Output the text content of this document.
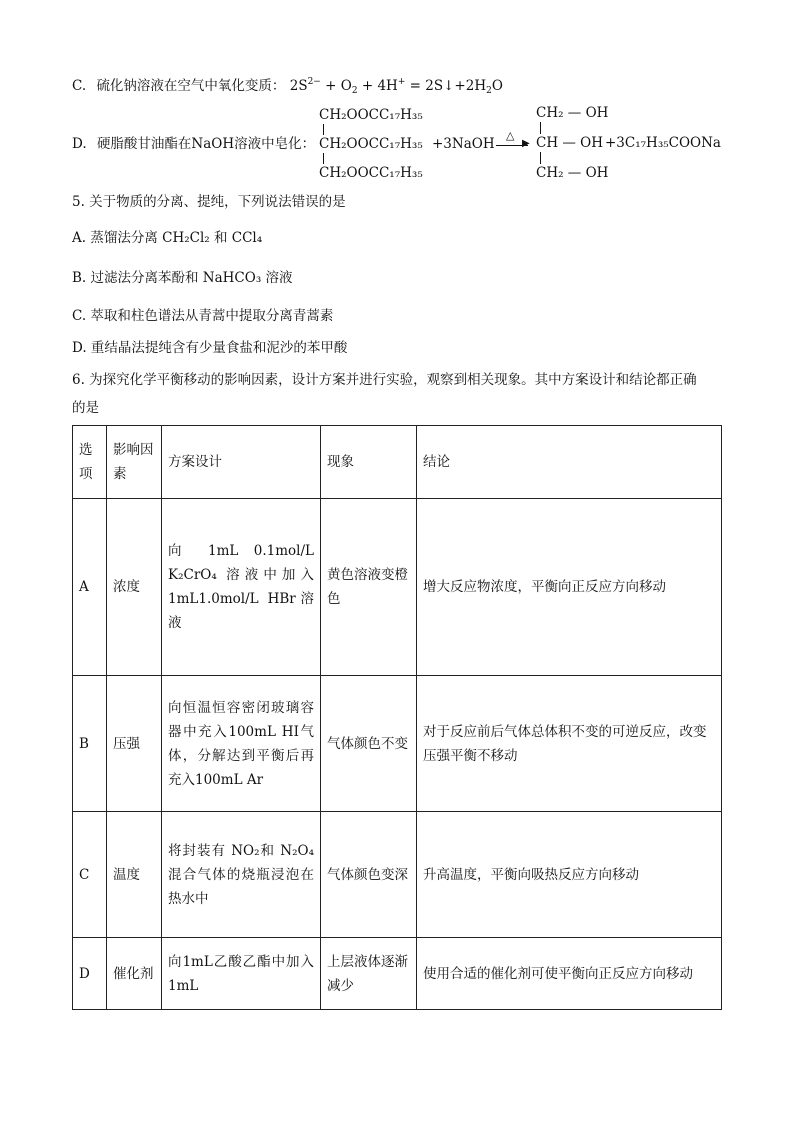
C. 硫化钠溶液在空气中氧化变质： $2S^{2-} + O_2 + 4H^+$ = $2S↓+2H_2O$
D. 硬脂酸甘油酯在NaOH溶液中皂化：
CH₂OOCC₁₇H₃₅
CH₂OOCC₁₇H₃₅
CH₂OOCC₁₇H₃₅
+3NaOH
△
▶
CH₂ — OH
CH — OH
CH₂ — OH
+3C₁₇H₃₅COONa
5. 关于物质的分离、提纯，下列说法错误的是
A. 蒸馏法分离 CH₂Cl₂ 和 CCl₄
B. 过滤法分离苯酚和 NaHCO₃ 溶液
C. 萃取和柱色谱法从青蒿中提取分离青蒿素
D. 重结晶法提纯含有少量食盐和泥沙的苯甲酸
6. 为探究化学平衡移动的影响因素，设计方案并进行实验，观察到相关现象。其中方案设计和结论都正确
的是
选项	影响因素	方案设计	现象	结论
A	浓度	向 1mL 0.1mol/L K₂CrO₄ 溶液中加入 1mL1.0mol/L HBr溶液	黄色溶液变橙色	增大反应物浓度，平衡向正反应方向移动
B	压强	向恒温恒容密闭玻璃容器中充入100mL HI气体，分解达到平衡后再充入100mL Ar	气体颜色不变	对于反应前后气体总体积不变的可逆反应，改变压强平衡不移动
C	温度	将封装有 NO₂和 N₂O₄混合气体的烧瓶浸泡在热水中	气体颜色变深	升高温度，平衡向吸热反应方向移动
D	催化剂	向1mL乙酸乙酯中加入 1mL	上层液体逐渐减少	使用合适的催化剂可使平衡向正反应方向移动
